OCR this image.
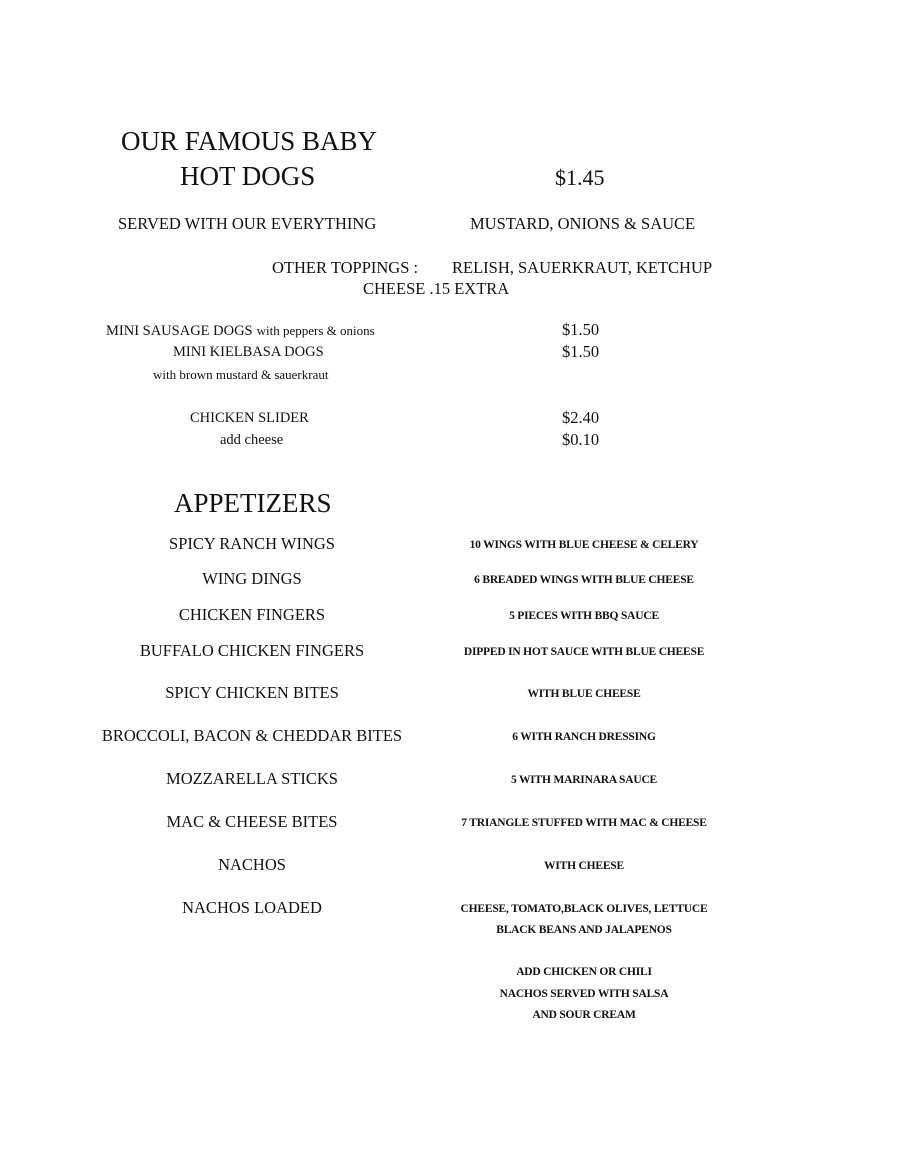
OUR FAMOUS BABY
HOT DOGS	$1.45
SERVED WITH OUR EVERYTHING	MUSTARD, ONIONS & SAUCE
OTHER TOPPINGS : RELISH, SAUERKRAUT, KETCHUP
CHEESE .15 EXTRA
MINI SAUSAGE DOGS with peppers & onions	$1.50
MINI KIELBASA DOGS	$1.50
with brown mustard & sauerkraut
CHICKEN SLIDER	$2.40
add cheese	$0.10
APPETIZERS
SPICY RANCH WINGS	10 WINGS WITH BLUE CHEESE & CELERY
WING DINGS	6 BREADED WINGS WITH BLUE CHEESE
CHICKEN FINGERS	5 PIECES WITH BBQ SAUCE
BUFFALO CHICKEN FINGERS	DIPPED IN HOT SAUCE WITH BLUE CHEESE
SPICY CHICKEN BITES	WITH BLUE CHEESE
BROCCOLI, BACON & CHEDDAR BITES	6 WITH RANCH DRESSING
MOZZARELLA STICKS	5 WITH MARINARA SAUCE
MAC & CHEESE BITES	7 TRIANGLE STUFFED WITH MAC & CHEESE
NACHOS	WITH CHEESE
NACHOS LOADED	CHEESE, TOMATO,BLACK OLIVES, LETTUCE
BLACK BEANS AND JALAPENOS
ADD CHICKEN OR CHILI
NACHOS SERVED WITH SALSA
AND SOUR CREAM
